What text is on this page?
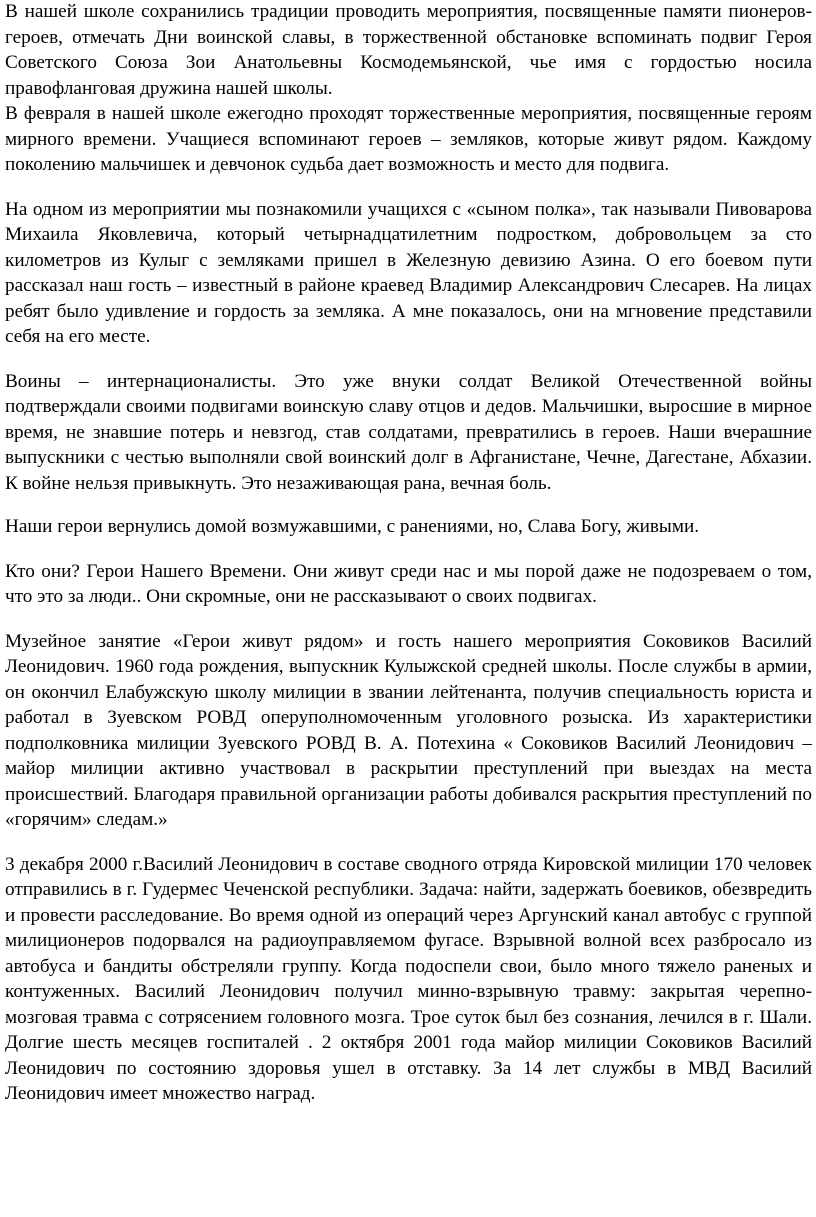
В нашей школе сохранились традиции проводить мероприятия, посвященные памяти пионеров- героев, отмечать Дни воинской славы, в торжественной обстановке вспоминать подвиг Героя Советского Союза Зои Анатольевны Космодемьянской, чье имя с гордостью носила правофланговая дружина нашей школы.

В февраля в нашей школе ежегодно проходят торжественные мероприятия, посвященные героям мирного времени. Учащиеся вспоминают героев – земляков, которые живут рядом. Каждому поколению мальчишек и девчонок судьба дает возможность и место для подвига.

На одном из мероприятии мы познакомили учащихся с «сыном полка», так называли Пивоварова Михаила Яковлевича, который четырнадцатилетним подростком, добровольцем за сто километров из Кулыг с земляками пришел в Железную девизию Азина. О его боевом пути рассказал наш гость – известный в районе краевед Владимир Александрович Слесарев. На лицах ребят было удивление и гордость за земляка. А мне показалось, они на мгновение представили себя на его месте.

Воины – интернационалисты. Это уже внуки солдат Великой Отечественной войны подтверждали своими подвигами воинскую славу отцов и дедов. Мальчишки, выросшие в мирное время, не знавшие потерь и невзгод, став солдатами, превратились в героев. Наши вчерашние выпускники с честью выполняли свой воинский долг в Афганистане, Чечне, Дагестане, Абхазии. К войне нельзя привыкнуть. Это незаживающая рана, вечная боль.

Наши герои вернулись домой возмужавшими, с ранениями, но, Слава Богу, живыми.

Кто они? Герои Нашего Времени. Они живут среди нас и мы порой даже не подозреваем о том, что это за люди.. Они скромные, они не рассказывают о своих подвигах.

Музейное занятие «Герои живут рядом» и гость нашего мероприятия Соковиков Василий Леонидович. 1960 года рождения, выпускник Кулыжской средней школы. После службы в армии, он окончил Елабужскую школу милиции в звании лейтенанта, получив специальность юриста и работал в Зуевском РОВД оперуполномоченным уголовного розыска. Из характеристики подполковника милиции Зуевского РОВД В. А. Потехина « Соковиков Василий Леонидович –майор милиции активно участвовал в раскрытии преступлений при выездах на места происшествий. Благодаря правильной организации работы добивался раскрытия преступлений по «горячим» следам.»

3 декабря 2000 г.Василий Леонидович в составе сводного отряда Кировской милиции 170 человек отправились в г. Гудермес Чеченской республики. Задача: найти, задержать боевиков, обезвредить и провести расследование. Во время одной из операций через Аргунский канал автобус с группой милиционеров подорвался на радиоуправляемом фугасе. Взрывной волной всех разбросало из автобуса и бандиты обстреляли группу. Когда подоспели свои, было много тяжело раненых и контуженных. Василий Леонидович получил минно-взрывную травму: закрытая черепно-мозговая травма с сотрясением головного мозга. Трое суток был без сознания, лечился в г. Шали. Долгие шесть месяцев госпиталей . 2 октября 2001 года майор милиции Соковиков Василий Леонидович по состоянию здоровья ушел в отставку. За 14 лет службы в МВД Василий Леонидович имеет множество наград.
